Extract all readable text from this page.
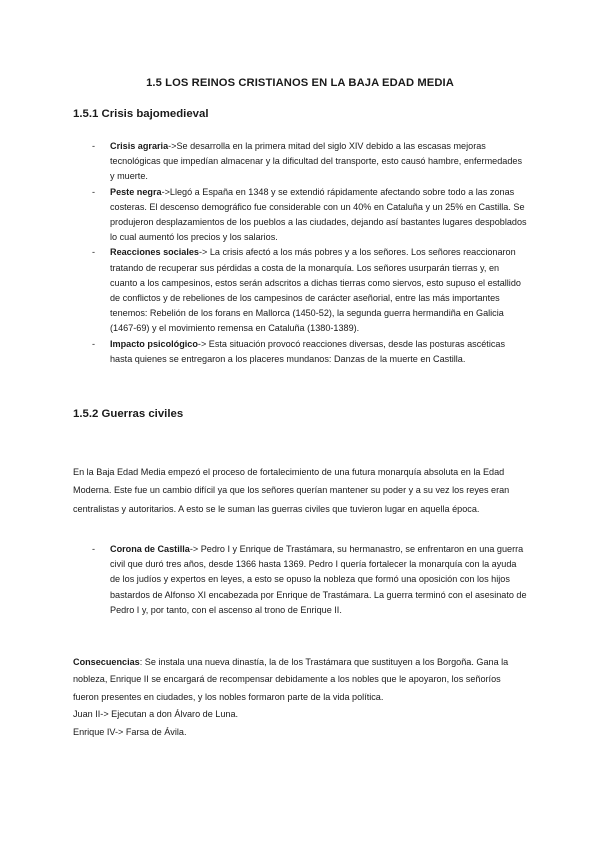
1.5 LOS REINOS CRISTIANOS EN LA BAJA EDAD MEDIA
1.5.1 Crisis bajomedieval
- Crisis agraria->Se desarrolla en la primera mitad del siglo XIV debido a las escasas mejoras tecnológicas que impedían almacenar y la dificultad del transporte, esto causó hambre, enfermedades y muerte.
- Peste negra->Llegó a España en 1348 y se extendió rápidamente afectando sobre todo a las zonas costeras. El descenso demográfico fue considerable con un 40% en Cataluña y un 25% en Castilla. Se produjeron desplazamientos de los pueblos a las ciudades, dejando así bastantes lugares despoblados lo cual aumentó los precios y los salarios.
- Reacciones sociales-> La crisis afectó a los más pobres y a los señores. Los señores reaccionaron tratando de recuperar sus pérdidas a costa de la monarquía. Los señores usurparán tierras y, en cuanto a los campesinos, estos serán adscritos a dichas tierras como siervos, esto supuso el estallido de conflictos y de rebeliones de los campesinos de carácter aseñorial, entre las más importantes tenemos: Rebelión de los forans en Mallorca (1450-52), la segunda guerra hermandiña en Galicia (1467-69) y el movimiento remensa en Cataluña (1380-1389).
- Impacto psicológico-> Esta situación provocó reacciones diversas, desde las posturas ascéticas hasta quienes se entregaron a los placeres mundanos: Danzas de la muerte en Castilla.
1.5.2 Guerras civiles

En la Baja Edad Media empezó el proceso de fortalecimiento de una futura monarquía absoluta en la Edad Moderna. Este fue un cambio difícil ya que los señores querían mantener su poder y a su vez los reyes eran centralistas y autoritarios. A esto se le suman las guerras civiles que tuvieron lugar en aquella época.

- Corona de Castilla-> Pedro I y Enrique de Trastámara, su hermanastro, se enfrentaron en una guerra civil que duró tres años, desde 1366 hasta 1369. Pedro I quería fortalecer la monarquía con la ayuda de los judíos y expertos en leyes, a esto se opuso la nobleza que formó una oposición con los hijos bastardos de Alfonso XI encabezada por Enrique de Trastámara. La guerra terminó con el asesinato de Pedro I y, por tanto, con el ascenso al trono de Enrique II.
Consecuencias: Se instala una nueva dinastía, la de los Trastámara que sustituyen a los Borgoña. Gana la nobleza, Enrique II se encargará de recompensar debidamente a los nobles que le apoyaron, los señoríos fueron presentes en ciudades, y los nobles formaron parte de la vida política.
Juan II-> Ejecutan a don Álvaro de Luna.
Enrique IV-> Farsa de Ávila.
